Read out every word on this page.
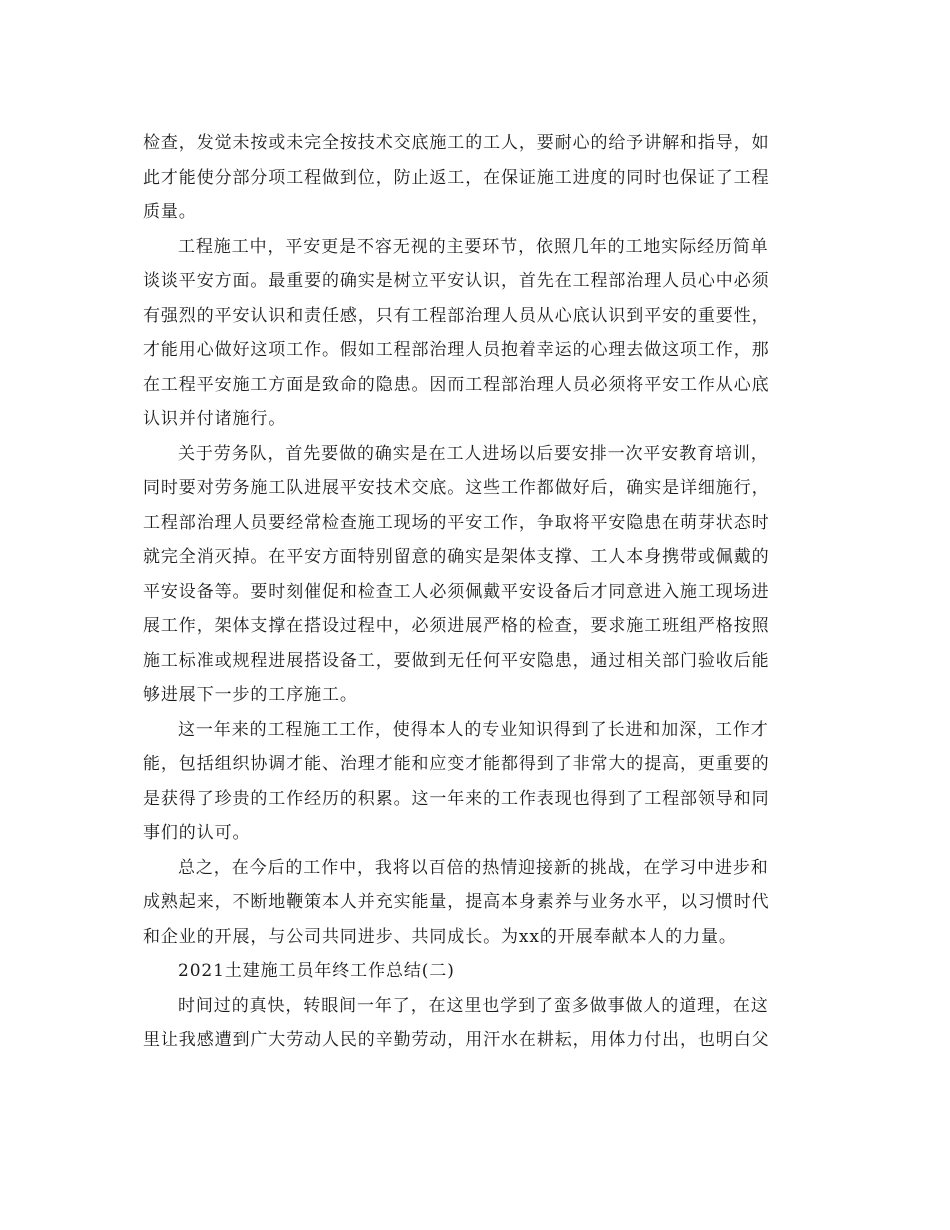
检查，发觉未按或未完全按技术交底施工的工人，要耐心的给予讲解和指导，如
此才能使分部分项工程做到位，防止返工，在保证施工进度的同时也保证了工程
质量。
工程施工中，平安更是不容无视的主要环节，依照几年的工地实际经历简单
谈谈平安方面。最重要的确实是树立平安认识，首先在工程部治理人员心中必须
有强烈的平安认识和责任感，只有工程部治理人员从心底认识到平安的重要性，
才能用心做好这项工作。假如工程部治理人员抱着幸运的心理去做这项工作，那
在工程平安施工方面是致命的隐患。因而工程部治理人员必须将平安工作从心底
认识并付诸施行。
关于劳务队，首先要做的确实是在工人进场以后要安排一次平安教育培训，
同时要对劳务施工队进展平安技术交底。这些工作都做好后，确实是详细施行，
工程部治理人员要经常检查施工现场的平安工作，争取将平安隐患在萌芽状态时
就完全消灭掉。在平安方面特别留意的确实是架体支撑、工人本身携带或佩戴的
平安设备等。要时刻催促和检查工人必须佩戴平安设备后才同意进入施工现场进
展工作，架体支撑在搭设过程中，必须进展严格的检查，要求施工班组严格按照
施工标准或规程进展搭设备工，要做到无任何平安隐患，通过相关部门验收后能
够进展下一步的工序施工。
这一年来的工程施工工作，使得本人的专业知识得到了长进和加深，工作才
能，包括组织协调才能、治理才能和应变才能都得到了非常大的提高，更重要的
是获得了珍贵的工作经历的积累。这一年来的工作表现也得到了工程部领导和同
事们的认可。
总之，在今后的工作中，我将以百倍的热情迎接新的挑战，在学习中进步和
成熟起来，不断地鞭策本人并充实能量，提高本身素养与业务水平，以习惯时代
和企业的开展，与公司共同进步、共同成长。为xx的开展奉献本人的力量。
2021土建施工员年终工作总结(二)
时间过的真快，转眼间一年了，在这里也学到了蛮多做事做人的道理，在这
里让我感遭到广大劳动人民的辛勤劳动，用汗水在耕耘，用体力付出，也明白父
